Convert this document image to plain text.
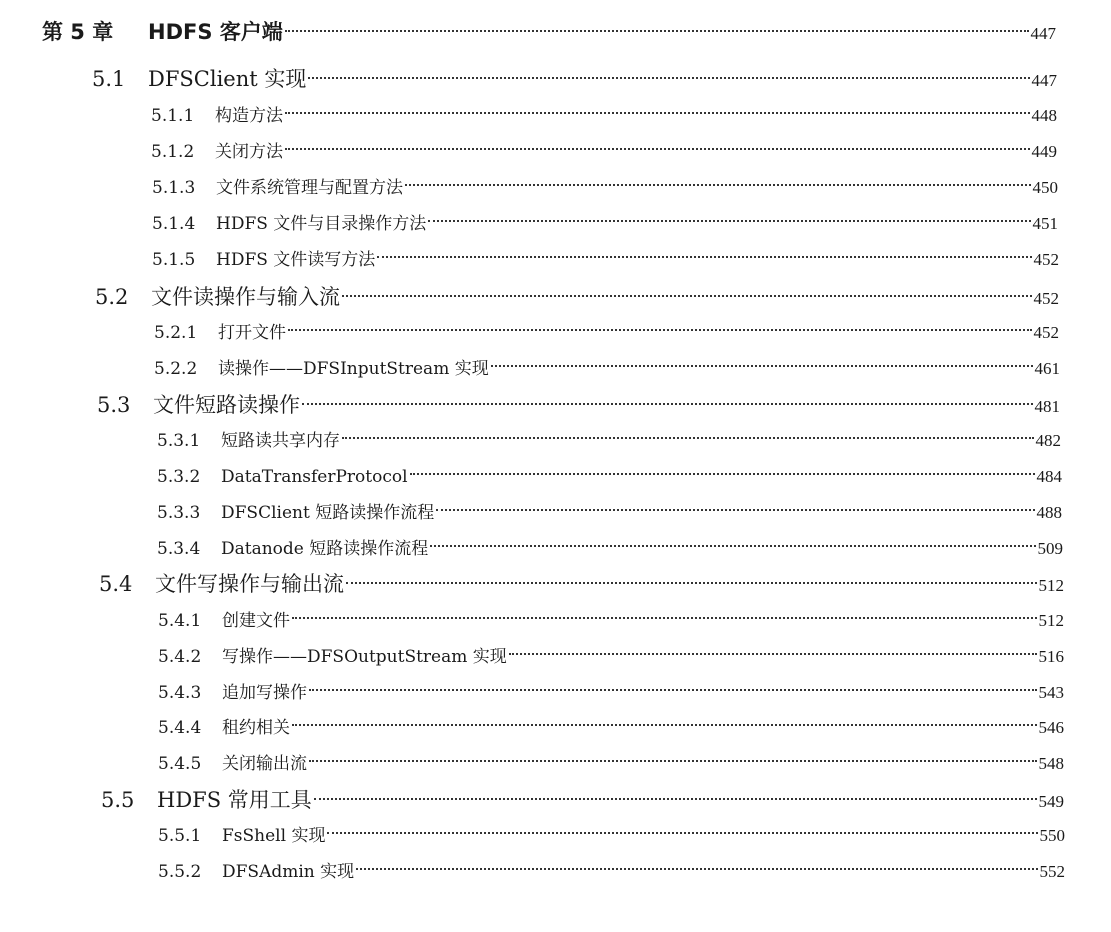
第 5 章	HDFS 客户端	447
5.1	DFSClient 实现	447
5.1.1	构造方法	448
5.1.2	关闭方法	449
5.1.3	文件系统管理与配置方法	450
5.1.4	HDFS 文件与目录操作方法	451
5.1.5	HDFS 文件读写方法	452
5.2	文件读操作与输入流	452
5.2.1	打开文件	452
5.2.2	读操作——DFSInputStream 实现	461
5.3	文件短路读操作	481
5.3.1	短路读共享内存	482
5.3.2	DataTransferProtocol	484
5.3.3	DFSClient 短路读操作流程	488
5.3.4	Datanode 短路读操作流程	509
5.4	文件写操作与输出流	512
5.4.1	创建文件	512
5.4.2	写操作——DFSOutputStream 实现	516
5.4.3	追加写操作	543
5.4.4	租约相关	546
5.4.5	关闭输出流	548
5.5	HDFS 常用工具	549
5.5.1	FsShell 实现	550
5.5.2	DFSAdmin 实现	552
